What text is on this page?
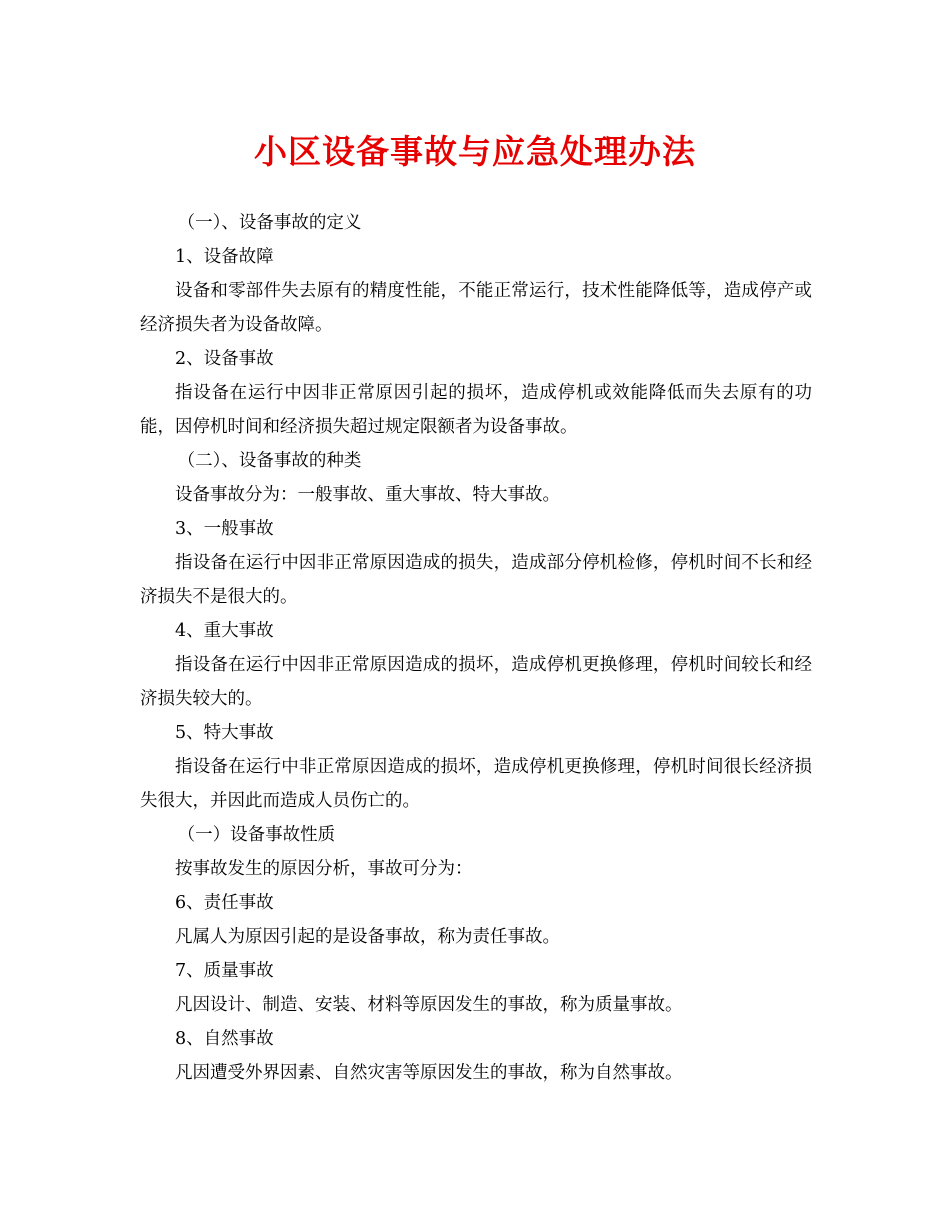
小区设备事故与应急处理办法

（一）、设备事故的定义

1、设备故障

设备和零部件失去原有的精度性能，不能正常运行，技术性能降低等，造成停产或经济损失者为设备故障。

2、设备事故

指设备在运行中因非正常原因引起的损坏，造成停机或效能降低而失去原有的功能，因停机时间和经济损失超过规定限额者为设备事故。

（二）、设备事故的种类

设备事故分为：一般事故、重大事故、特大事故。

3、一般事故

指设备在运行中因非正常原因造成的损失，造成部分停机检修，停机时间不长和经济损失不是很大的。

4、重大事故

指设备在运行中因非正常原因造成的损坏，造成停机更换修理，停机时间较长和经济损失较大的。

5、特大事故

指设备在运行中非正常原因造成的损坏，造成停机更换修理，停机时间很长经济损失很大，并因此而造成人员伤亡的。

（一）设备事故性质

按事故发生的原因分析，事故可分为：

6、责任事故

凡属人为原因引起的是设备事故，称为责任事故。

7、质量事故

凡因设计、制造、安装、材料等原因发生的事故，称为质量事故。

8、自然事故

凡因遭受外界因素、自然灾害等原因发生的事故，称为自然事故。
